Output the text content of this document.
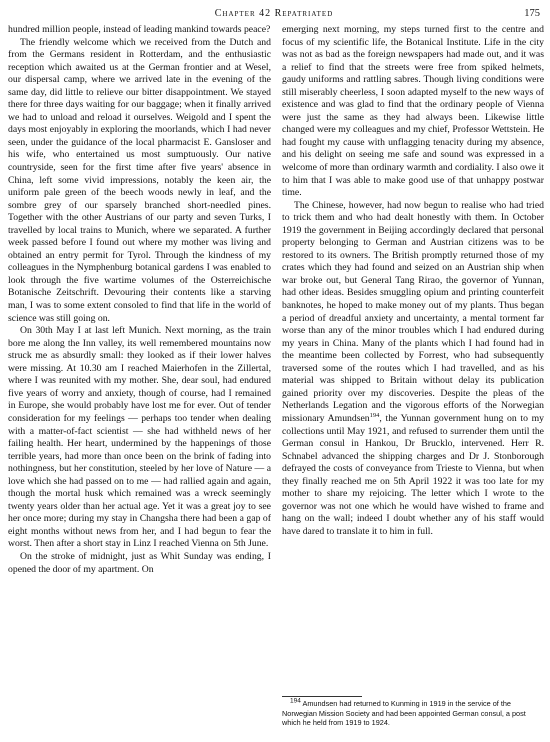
Chapter 42 Repatriated	175

hundred million people, instead of leading mankind towards peace?

The friendly welcome which we received from the Dutch and from the Germans resident in Rotterdam, and the enthusiastic reception which awaited us at the German frontier and at Wesel, our dispersal camp, where we arrived late in the evening of the same day, did little to relieve our bitter disappointment. We stayed there for three days waiting for our baggage; when it finally arrived we had to unload and reload it ourselves. Weigold and I spent the days most enjoyably in exploring the moorlands, which I had never seen, under the guidance of the local pharmacist E. Gansloser and his wife, who entertained us most sumptuously. Our native countryside, seen for the first time after five years' absence in China, left some vivid impressions, notably the keen air, the uniform pale green of the beech woods newly in leaf, and the sombre grey of our sparsely branched short-needled pines. Together with the other Austrians of our party and seven Turks, I travelled by local trains to Munich, where we separated. A further week passed before I found out where my mother was living and obtained an entry permit for Tyrol. Through the kindness of my colleagues in the Nymphenburg botanical gardens I was enabled to look through the five wartime volumes of the Osterreichische Botanische Zeitschrift. Devouring their contents like a starving man, I was to some extent consoled to find that life in the world of science was still going on.

On 30th May I at last left Munich. Next morning, as the train bore me along the Inn valley, its well remembered mountains now struck me as absurdly small: they looked as if their lower halves were missing. At 10.30 am I reached Maierhofen in the Zillertal, where I was reunited with my mother. She, dear soul, had endured five years of worry and anxiety, though of course, had I remained in Europe, she would probably have lost me for ever. Out of tender consideration for my feelings — perhaps too tender when dealing with a matter-of-fact scientist — she had withheld news of her failing health. Her heart, undermined by the happenings of those terrible years, had more than once been on the brink of fading into nothingness, but her constitution, steeled by her love of Nature — a love which she had passed on to me — had rallied again and again, though the mortal husk which remained was a wreck seemingly twenty years older than her actual age. Yet it was a great joy to see her once more; during my stay in Changsha there had been a gap of eight months without news from her, and I had begun to fear the worst. Then after a short stay in Linz I reached Vienna on 5th June.

On the stroke of midnight, just as Whit Sunday was ending, I opened the door of my apartment. On

emerging next morning, my steps turned first to the centre and focus of my scientific life, the Botanical Institute. Life in the city was not as bad as the foreign newspapers had made out, and it was a relief to find that the streets were free from spiked helmets, gaudy uniforms and rattling sabres. Though living conditions were still miserably cheerless, I soon adapted myself to the new ways of existence and was glad to find that the ordinary people of Vienna were just the same as they had always been. Likewise little changed were my colleagues and my chief, Professor Wettstein. He had fought my cause with unflagging tenacity during my absence, and his delight on seeing me safe and sound was expressed in a welcome of more than ordinary warmth and cordiality. I also owe it to him that I was able to make good use of that unhappy postwar time.

The Chinese, however, had now begun to realise who had tried to trick them and who had dealt honestly with them. In October 1919 the government in Beijing accordingly declared that personal property belonging to German and Austrian citizens was to be restored to its owners. The British promptly returned those of my crates which they had found and seized on an Austrian ship when war broke out, but General Tang Rirao, the governor of Yunnan, had other ideas. Besides smuggling opium and printing counterfeit banknotes, he hoped to make money out of my plants. Thus began a period of dreadful anxiety and uncertainty, a mental torment far worse than any of the minor troubles which I had endured during my years in China. Many of the plants which I had found had in the meantime been collected by Forrest, who had subsequently traversed some of the routes which I had travelled, and as his material was shipped to Britain without delay its publication gained priority over my discoveries. Despite the pleas of the Netherlands Legation and the vigorous efforts of the Norwegian missionary Amundsen$^{194}$, the Yunnan government hung on to my collections until May 1921, and refused to surrender them until the German consul in Hankou, Dr Brucklo, intervened. Herr R. Schnabel advanced the shipping charges and Dr J. Stonborough defrayed the costs of conveyance from Trieste to Vienna, but when they finally reached me on 5th April 1922 it was too late for my mother to share my rejoicing. The letter which I wrote to the governor was not one which he would have wished to frame and hang on the wall; indeed I doubt whether any of his staff would have dared to translate it to him in full.

$^{194}$ Amundsen had returned to Kunming in 1919 in the service of the Norwegian Mission Society and had been appointed German consul, a post which he held from 1919 to 1924.
